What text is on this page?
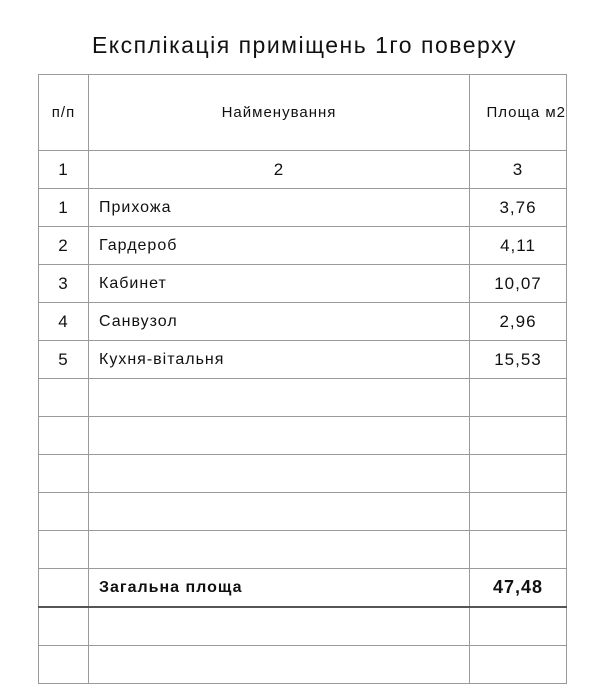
Експлікація приміщень 1го поверху
п/п	Найменування	Площа м2
1	2	3
1	Прихожа	3,76
2	Гардероб	4,11
3	Кабинет	10,07
4	Санвузол	2,96
5	Кухня-вітальня	15,53

	Загальна площа	47,48
